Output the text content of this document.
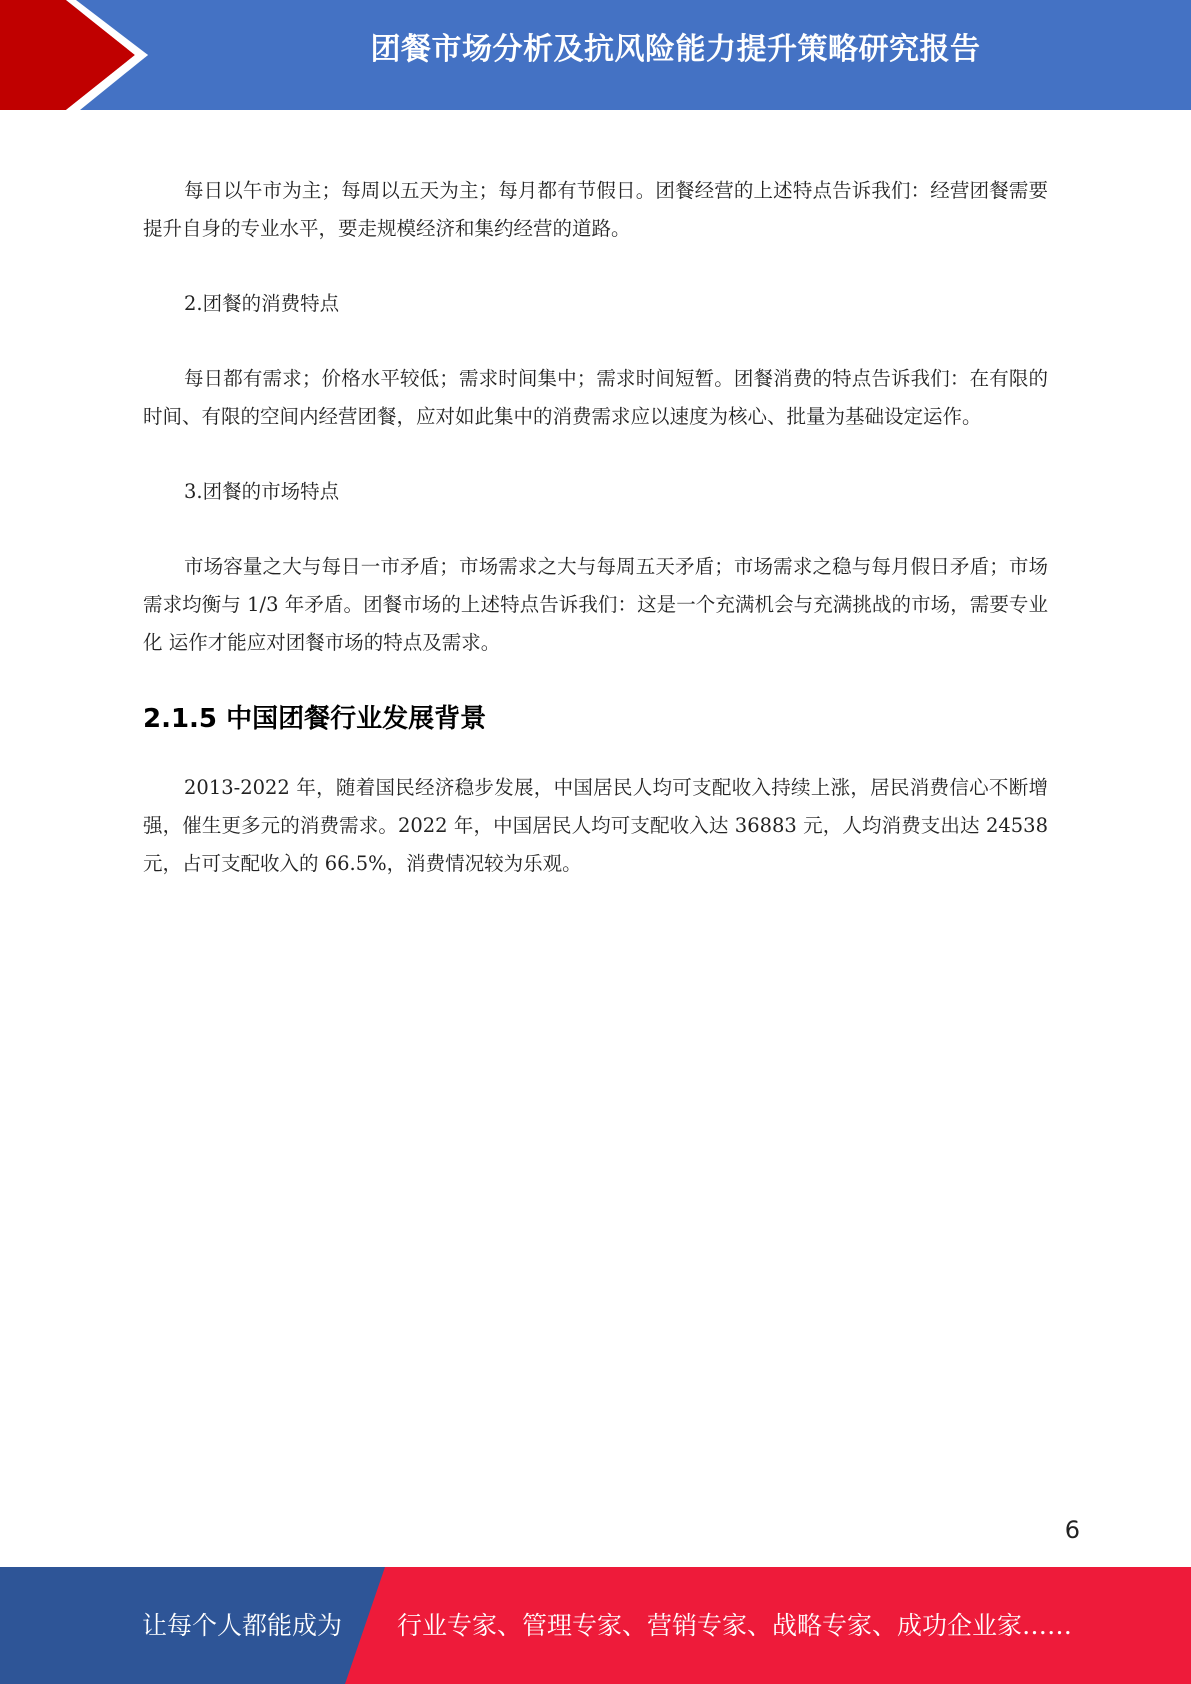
团餐市场分析及抗风险能力提升策略研究报告

每日以午市为主；每周以五天为主；每月都有节假日。团餐经营的上述特点告诉我们：经营团餐需要提升自身的专业水平，要走规模经济和集约经营的道路。

2.团餐的消费特点

每日都有需求；价格水平较低；需求时间集中；需求时间短暂。团餐消费的特点告诉我们：在有限的时间、有限的空间内经营团餐，应对如此集中的消费需求应以速度为核心、批量为基础设定运作。

3.团餐的市场特点

市场容量之大与每日一市矛盾；市场需求之大与每周五天矛盾；市场需求之稳与每月假日矛盾；市场需求均衡与 1/3 年矛盾。团餐市场的上述特点告诉我们：这是一个充满机会与充满挑战的市场，需要专业化 运作才能应对团餐市场的特点及需求。

2.1.5 中国团餐行业发展背景

2013-2022 年，随着国民经济稳步发展，中国居民人均可支配收入持续上涨，居民消费信心不断增强，催生更多元的消费需求。2022 年，中国居民人均可支配收入达 36883 元，人均消费支出达 24538 元，占可支配收入的 66.5%，消费情况较为乐观。

6
让每个人都能成为 行业专家、管理专家、营销专家、战略专家、成功企业家……
